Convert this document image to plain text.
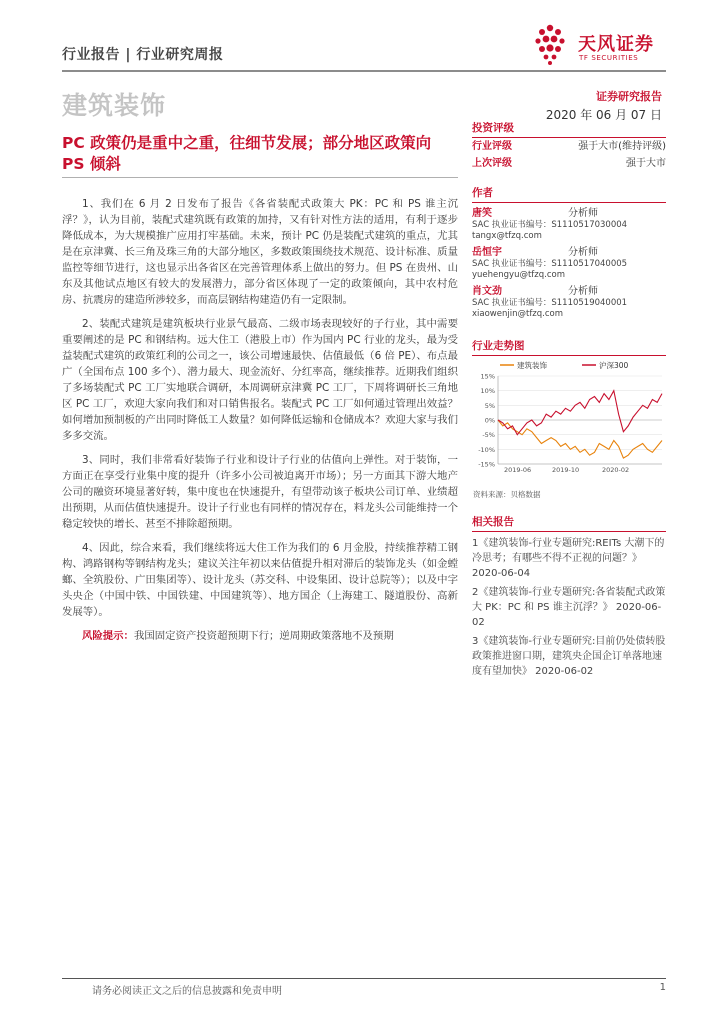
行业报告 | 行业研究周报	天风证券
TF SECURITIES
建筑装饰	证券研究报告
2020 年 06 月 07 日
PC 政策仍是重中之重，往细节发展；部分地区政策向 PS 倾斜

1、我们在 6 月 2 日发布了报告《各省装配式政策大 PK：PC 和 PS 谁主沉浮？》，认为目前，装配式建筑既有政策的加持，又有针对性方法的适用，有利于逐步降低成本，为大规模推广应用打牢基础。未来，预计 PC 仍是装配式建筑的重点，尤其是在京津冀、长三角及珠三角的大部分地区，多数政策围绕技术规范、设计标准、质量监控等细节进行，这也显示出各省区在完善管理体系上做出的努力。但 PS 在贵州、山东及其他试点地区有较大的发展潜力，部分省区体现了一定的政策倾向，其中农村危房、抗震房的建造所涉较多，而高层钢结构建造仍有一定限制。

2、装配式建筑是建筑板块行业景气最高、二级市场表现较好的子行业，其中需要重要阐述的是 PC 和钢结构。远大住工（港股上市）作为国内 PC 行业的龙头，最为受益装配式建筑的政策红利的公司之一，该公司增速最快、估值最低（6 倍 PE）、布点最广（全国布点 100 多个）、潜力最大、现金流好、分红率高，继续推荐。近期我们组织了多场装配式 PC 工厂实地联合调研，本周调研京津冀 PC 工厂，下周将调研长三角地区 PC 工厂，欢迎大家向我们和对口销售报名。装配式 PC 工厂如何通过管理出效益？如何增加预制板的产出同时降低工人数量？如何降低运输和仓储成本？欢迎大家与我们多多交流。

3、同时，我们非常看好装饰子行业和设计子行业的估值向上弹性。对于装饰，一方面正在享受行业集中度的提升（许多小公司被迫离开市场）；另一方面其下游大地产公司的融资环境显著好转，集中度也在快速提升，有望带动该子板块公司订单、业绩超出预期，从而估值快速提升。设计子行业也有同样的情况存在，料龙头公司能维持一个稳定较快的增长、甚至不排除超预期。

4、因此，综合来看，我们继续将远大住工作为我们的 6 月金股，持续推荐精工钢构、鸿路钢构等钢结构龙头；建议关注年初以来估值提升相对滞后的装饰龙头（如金螳螂、全筑股份、广田集团等）、设计龙头（苏交科、中设集团、设计总院等）；以及中字头央企（中国中铁、中国铁建、中国建筑等）、地方国企（上海建工、隧道股份、高新发展等）。

风险提示：我国固定资产投资超预期下行；逆周期政策落地不及预期
投资评级
行业评级	强于大市(维持评级)
上次评级	强于大市
作者
唐笑	分析师
SAC 执业证书编号：S1110517030004
tangx@tfzq.com
岳恒宇	分析师
SAC 执业证书编号：S1110517040005
yuehengyu@tfzq.com
肖文劲	分析师
SAC 执业证书编号：S1110519040001
xiaowenjin@tfzq.com
行业走势图
建筑装饰	沪深300
15%
10%
5%
0%
-5%
-10%
-15%
2019-06	2019-10	2020-02
资料来源：贝格数据
相关报告
1《建筑装饰-行业专题研究:REITs 大潮下的冷思考；有哪些不得不正视的问题？》 2020-06-04
2《建筑装饰-行业专题研究:各省装配式政策大 PK：PC 和 PS 谁主沉浮？》 2020-06-02
3《建筑装饰-行业专题研究:目前仍处债转股政策推进窗口期，建筑央企国企订单落地速度有望加快》 2020-06-02
请务必阅读正文之后的信息披露和免责申明	1
